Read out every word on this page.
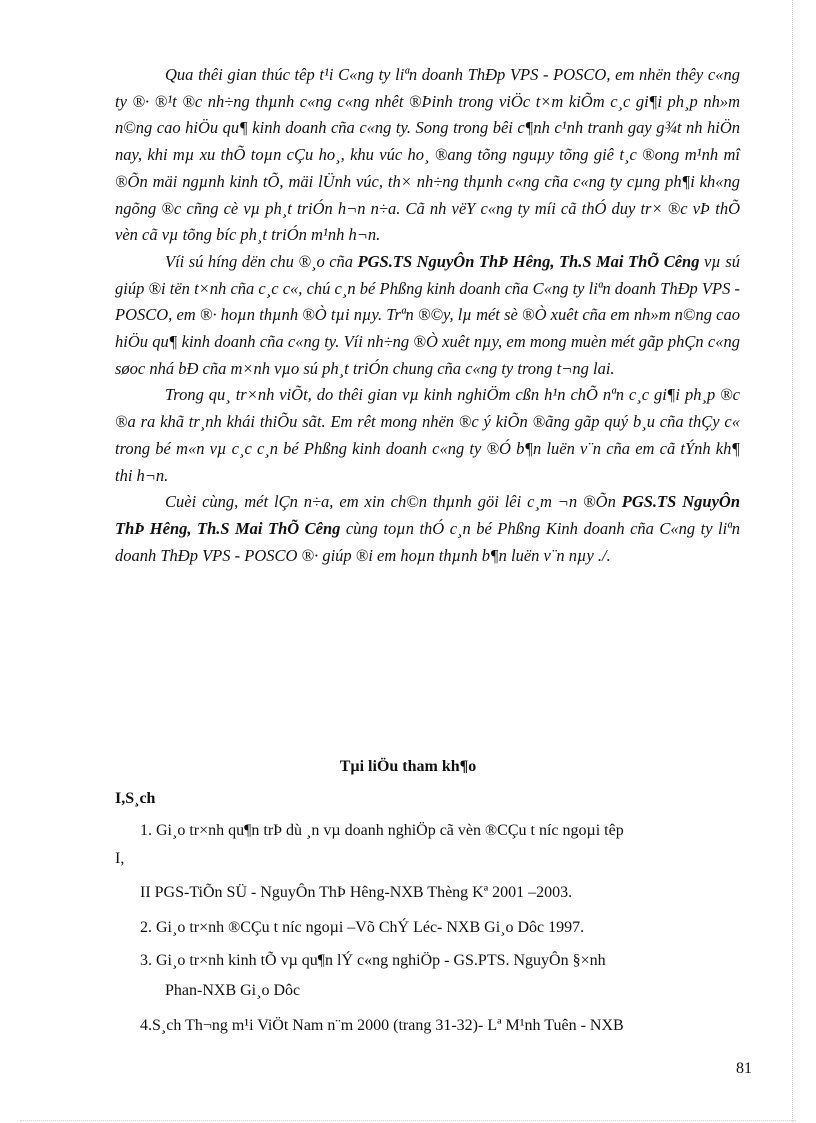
Qua thêi gian thúc têp t¹i C«ng ty liªn doanh ThÐp VPS - POSCO, em nhën thêy c«ng ty ®· ®¹t ®c nh÷ng thµnh c«ng c«ng nhêt ®Þinh trong viÖc t×m kiÕm c¸c gi¶i ph¸p nh»m n©ng cao hiÖu qu¶ kinh doanh cña c«ng ty. Song trong bêi c¶nh c¹nh tranh gay g¾t nh hiÖn nay, khi mµ xu thÕ toµn cÇu ho¸, khu vúc ho¸ ®ang tõng nguµy tõng giê t¸c ®ong m¹nh mî ®Õn mäi ngµnh kinh tÕ, mäi lÜnh vúc, th× nh÷ng thµnh c«ng cña c«ng ty cµng ph¶i kh«ng ngõng ®c cñng cè vµ ph¸t triÓn h¬n n÷a. Cã nh vëY c«ng ty míi cã thÓ duy tr× ®c vÞ thÕ vèn cã vµ tõng bíc ph¸t triÓn m¹nh h¬n.

Víi sú híng dën chu ®¸o cña PGS.TS NguyÔn ThÞ Hêng, Th.S Mai ThÕ Cêng vµ sú giúp ®i tën t×nh cña c¸c c«, chú c¸n bé Phßng kinh doanh cña C«ng ty liªn doanh ThÐp VPS - POSCO, em ®· hoµn thµnh ®Ò tµi nµy. Trªn ®©y, lµ mét sè ®Ò xuêt cña em nh»m n©ng cao hiÖu qu¶ kinh doanh cña c«ng ty. Víi nh÷ng ®Ò xuêt nµy, em mong muèn mét gãp phÇn c«ng søoc nhá bÐ cña m×nh vµo sú ph¸t triÓn chung cña c«ng ty trong t¬ng lai.

Trong qu¸ tr×nh viÕt, do thêi gian vµ kinh nghiÖm cßn h¹n chÕ nªn c¸c gi¶i ph¸p ®c ®a ra khã tr¸nh khái thiÕu sãt. Em rêt mong nhën ®c ý kiÕn ®ãng gãp quý b¸u cña thÇy c« trong bé m«n vµ c¸c c¸n bé Phßng kinh doanh c«ng ty ®Ó b¶n luën v¨n cña em cã tÝnh kh¶ thi h¬n.

Cuèi cùng, mét lÇn n÷a, em xin ch©n thµnh göi lêi c¸m ¬n ®Õn PGS.TS NguyÔn ThÞ Hêng, Th.S Mai ThÕ Cêng cùng toµn thÓ c¸n bé Phßng Kinh doanh cña C«ng ty liªn doanh ThÐp VPS - POSCO ®· giúp ®i em hoµn thµnh b¶n luën v¨n nµy ./.

Tµi liÖu tham kh¶o

I,S¸ch

1. Gi¸o tr×nh qu¶n trÞ dù ¸n vµ doanh nghiÖp cã vèn ®CÇu t níc ngoµi têp

I,

II PGS-TiÕn SÜ - NguyÔn ThÞ Hêng-NXB Thèng Kª 2001 –2003.

2. Gi¸o tr×nh ®CÇu t níc ngoµi –Võ ChÝ Léc- NXB Gi¸o Dôc 1997.

3. Gi¸o tr×nh kinh tÕ vµ qu¶n lÝ c«ng nghiÖp - GS.PTS. NguyÔn §×nh

Phan-NXB Gi¸o Dôc

4.S¸ch Th¬ng m¹i ViÖt Nam n¨m 2000 (trang 31-32)- Lª M¹nh Tuên - NXB

81
